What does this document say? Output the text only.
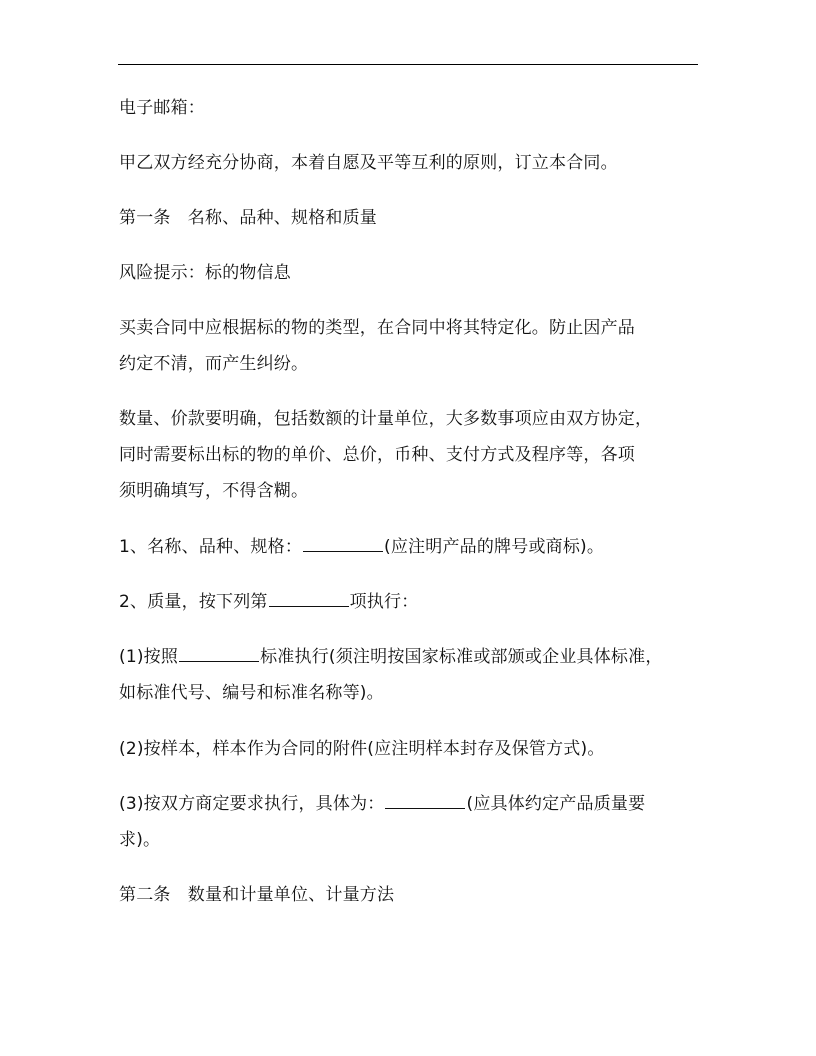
电子邮箱：
甲乙双方经充分协商，本着自愿及平等互利的原则，订立本合同。
第一条　名称、品种、规格和质量
风险提示：标的物信息
买卖合同中应根据标的物的类型，在合同中将其特定化。防止因产品
约定不清，而产生纠纷。
数量、价款要明确，包括数额的计量单位，大多数事项应由双方协定，
同时需要标出标的物的单价、总价，币种、支付方式及程序等，各项
须明确填写，不得含糊。
1、名称、品种、规格：	(应注明产品的牌号或商标)。
2、质量，按下列第	项执行：
(1)按照	标准执行(须注明按国家标准或部颁或企业具体标准，
如标准代号、编号和标准名称等)。
(2)按样本，样本作为合同的附件(应注明样本封存及保管方式)。
(3)按双方商定要求执行，具体为：	(应具体约定产品质量要
求)。
第二条　数量和计量单位、计量方法
